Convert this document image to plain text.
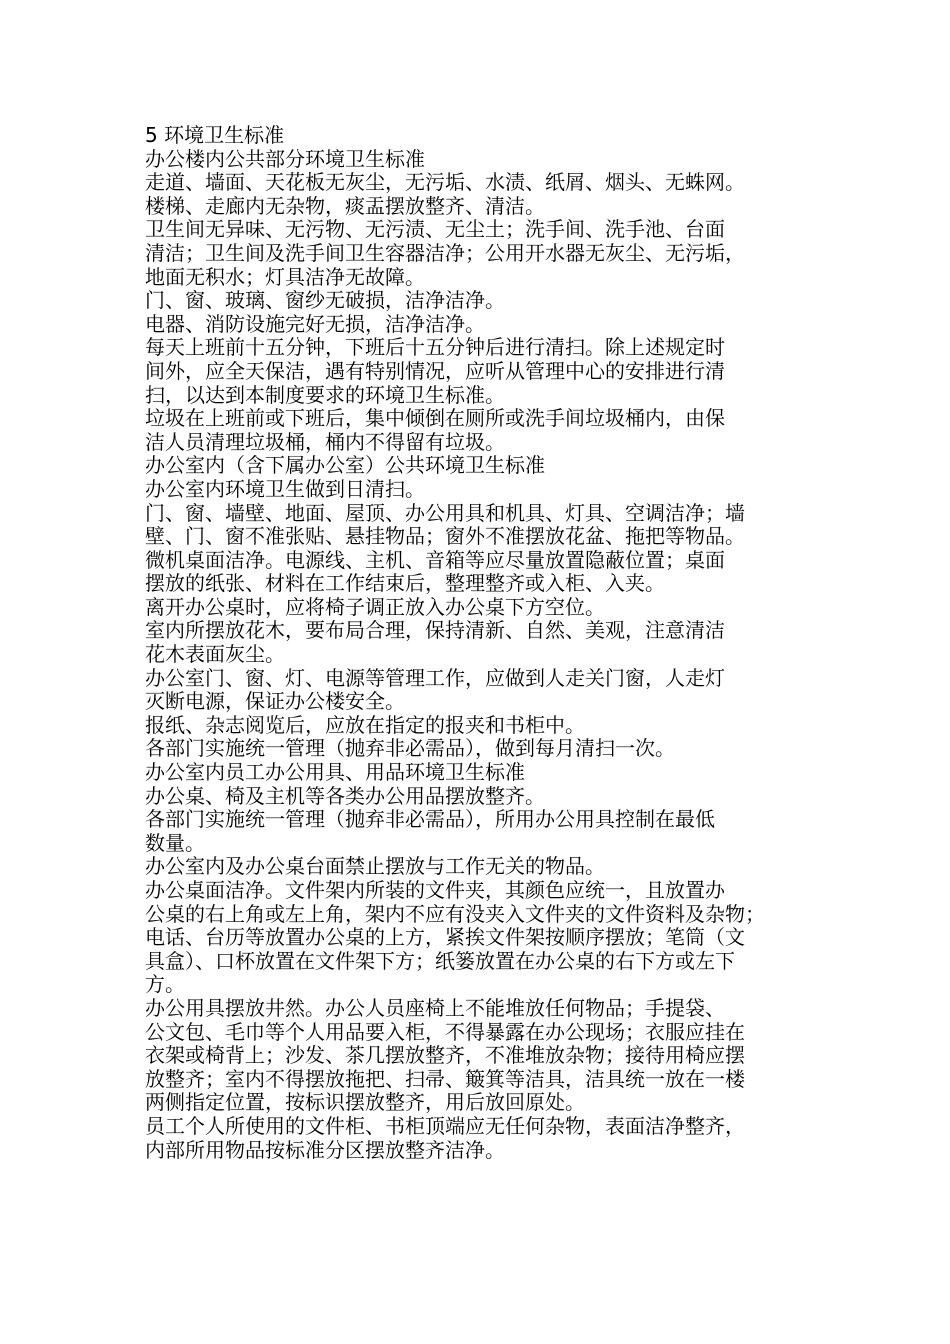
5 环境卫生标准
办公楼内公共部分环境卫生标准
走道、墙面、天花板无灰尘，无污垢、水渍、纸屑、烟头、无蛛网。
楼梯、走廊内无杂物，痰盂摆放整齐、清洁。
卫生间无异味、无污物、无污渍、无尘土；洗手间、洗手池、台面
清洁；卫生间及洗手间卫生容器洁净；公用开水器无灰尘、无污垢，
地面无积水；灯具洁净无故障。
门、窗、玻璃、窗纱无破损，洁净洁净。
电器、消防设施完好无损，洁净洁净。
每天上班前十五分钟，下班后十五分钟后进行清扫。除上述规定时
间外，应全天保洁，遇有特别情况，应听从管理中心的安排进行清
扫，以达到本制度要求的环境卫生标准。
垃圾在上班前或下班后，集中倾倒在厕所或洗手间垃圾桶内，由保
洁人员清理垃圾桶，桶内不得留有垃圾。
办公室内（含下属办公室）公共环境卫生标准
办公室内环境卫生做到日清扫。
门、窗、墙壁、地面、屋顶、办公用具和机具、灯具、空调洁净；墙
壁、门、窗不准张贴、悬挂物品；窗外不准摆放花盆、拖把等物品。
微机桌面洁净。电源线、主机、音箱等应尽量放置隐蔽位置；桌面
摆放的纸张、材料在工作结束后，整理整齐或入柜、入夹。
离开办公桌时，应将椅子调正放入办公桌下方空位。
室内所摆放花木，要布局合理，保持清新、自然、美观，注意清洁
花木表面灰尘。
办公室门、窗、灯、电源等管理工作，应做到人走关门窗，人走灯
灭断电源，保证办公楼安全。
报纸、杂志阅览后，应放在指定的报夹和书柜中。
各部门实施统一管理（抛弃非必需品），做到每月清扫一次。
办公室内员工办公用具、用品环境卫生标准
办公桌、椅及主机等各类办公用品摆放整齐。
各部门实施统一管理（抛弃非必需品），所用办公用具控制在最低
数量。
办公室内及办公桌台面禁止摆放与工作无关的物品。
办公桌面洁净。文件架内所装的文件夹，其颜色应统一，且放置办
公桌的右上角或左上角，架内不应有没夹入文件夹的文件资料及杂物；
电话、台历等放置办公桌的上方，紧挨文件架按顺序摆放；笔筒（文
具盒）、口杯放置在文件架下方；纸篓放置在办公桌的右下方或左下
方。
办公用具摆放井然。办公人员座椅上不能堆放任何物品；手提袋、
公文包、毛巾等个人用品要入柜，不得暴露在办公现场；衣服应挂在
衣架或椅背上；沙发、茶几摆放整齐，不准堆放杂物；接待用椅应摆
放整齐；室内不得摆放拖把、扫帚、簸箕等洁具，洁具统一放在一楼
两侧指定位置，按标识摆放整齐，用后放回原处。
员工个人所使用的文件柜、书柜顶端应无任何杂物，表面洁净整齐，
内部所用物品按标准分区摆放整齐洁净。
